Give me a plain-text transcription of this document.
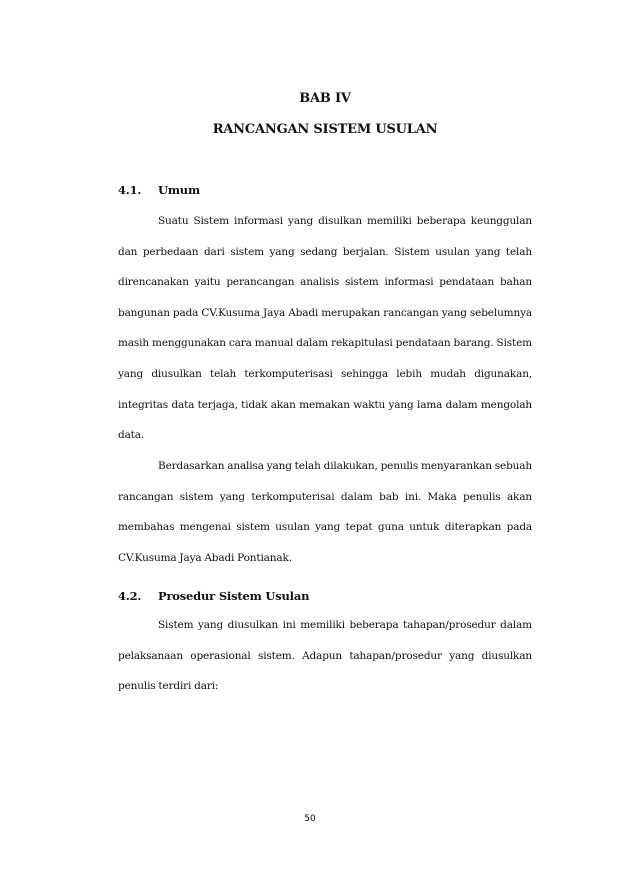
BAB IV
RANCANGAN SISTEM USULAN
4.1.	Umum

Suatu Sistem informasi yang disulkan memiliki beberapa keunggulan dan perbedaan dari sistem yang sedang berjalan. Sistem usulan yang telah direncanakan yaitu perancangan analisis sistem informasi pendataan bahan bangunan pada CV.Kusuma Jaya Abadi merupakan rancangan yang sebelumnya masih menggunakan cara manual dalam rekapitulasi pendataan barang. Sistem yang diusulkan telah terkomputerisasi sehingga lebih mudah digunakan, integritas data terjaga, tidak akan memakan waktu yang lama dalam mengolah data.

Berdasarkan analisa yang telah dilakukan, penulis menyarankan sebuah rancangan sistem yang terkomputerisai dalam bab ini. Maka penulis akan membahas mengenai sistem usulan yang tepat guna untuk diterapkan pada CV.Kusuma Jaya Abadi Pontianak.

4.2.	Prosedur Sistem Usulan

Sistem yang diusulkan ini memiliki beberapa tahapan/prosedur dalam pelaksanaan operasional sistem. Adapun tahapan/prosedur yang diusulkan penulis terdiri dari:

50
